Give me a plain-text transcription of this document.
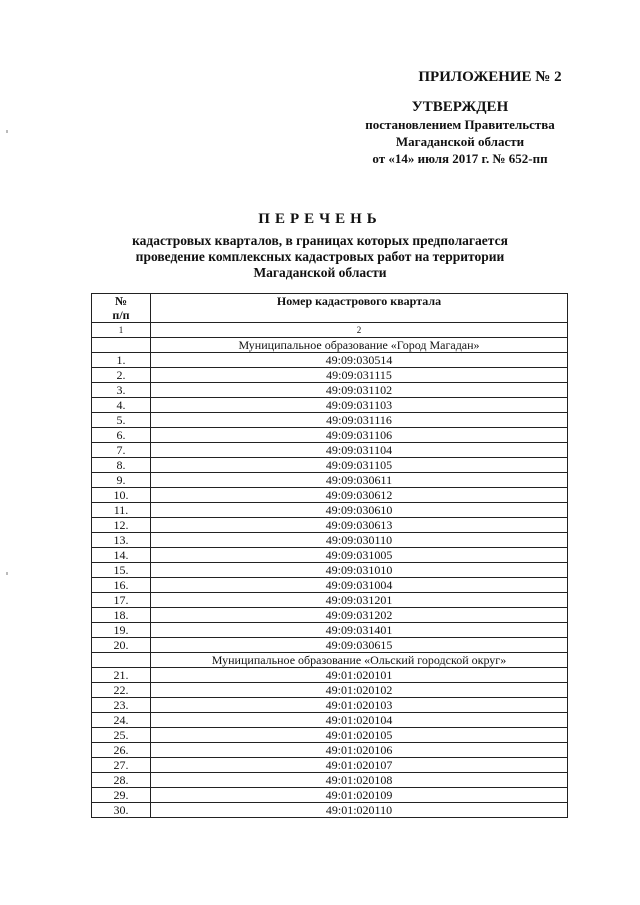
ПРИЛОЖЕНИЕ № 2
УТВЕРЖДЕН
постановлением Правительства
Магаданской области
от «14» июля 2017 г. № 652-пп
ПЕРЕЧЕНЬ
кадастровых кварталов, в границах которых предполагается
проведение комплексных кадастровых работ на территории
Магаданской области
№
п/п	Номер кадастрового квартала
1	2
	Муниципальное образование «Город Магадан»
1.	49:09:030514
2.	49:09:031115
3.	49:09:031102
4.	49:09:031103
5.	49:09:031116
6.	49:09:031106
7.	49:09:031104
8.	49:09:031105
9.	49:09:030611
10.	49:09:030612
11.	49:09:030610
12.	49:09:030613
13.	49:09:030110
14.	49:09:031005
15.	49:09:031010
16.	49:09:031004
17.	49:09:031201
18.	49:09:031202
19.	49:09:031401
20.	49:09:030615
	Муниципальное образование «Ольский городской округ»
21.	49:01:020101
22.	49:01:020102
23.	49:01:020103
24.	49:01:020104
25.	49:01:020105
26.	49:01:020106
27.	49:01:020107
28.	49:01:020108
29.	49:01:020109
30.	49:01:020110
